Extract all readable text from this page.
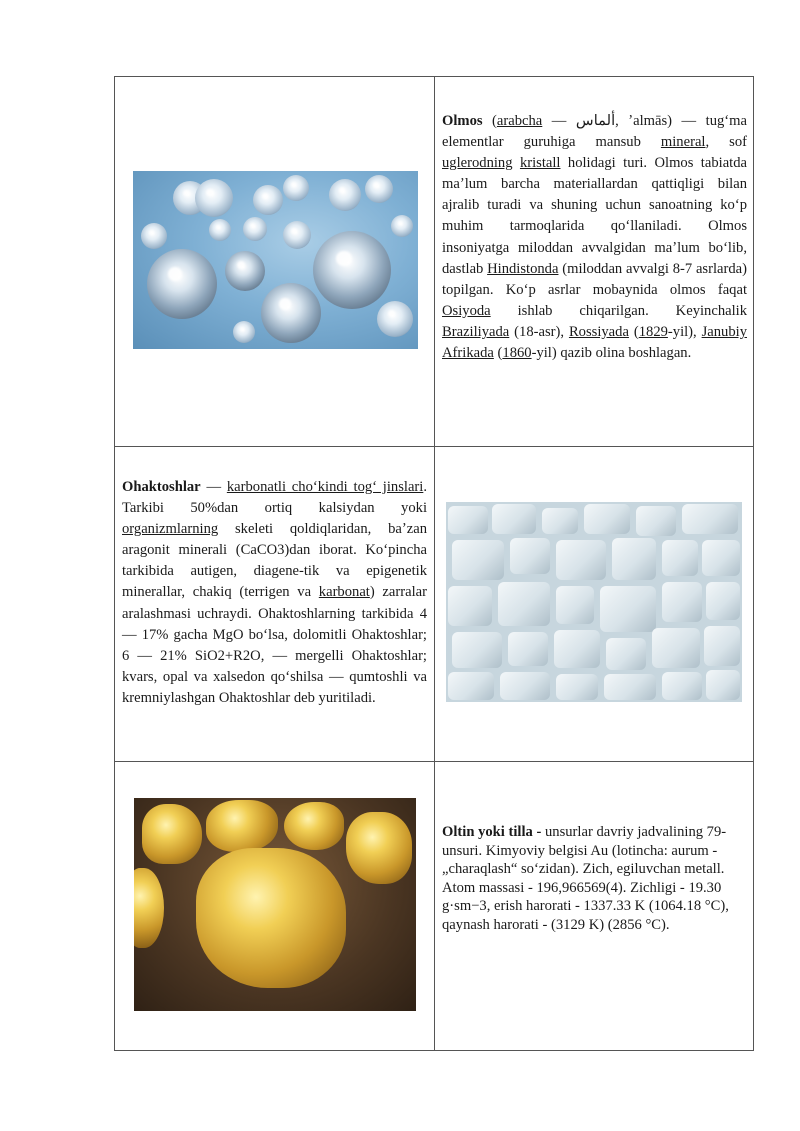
Olmos (arabcha — ألماس, ʼalmās) — tugʻma elementlar guruhiga mansub mineral, sof uglerodning kristall holidagi turi. Olmos tabiatda maʼlum barcha materiallardan qattiqligi bilan ajralib turadi va shuning uchun sanoatning koʻp muhim tarmoqlarida qoʻllaniladi. Olmos insoniyatga miloddan avvalgidan maʼlum boʻlib, dastlab Hindistonda (miloddan avvalgi 8-7 asrlarda) topilgan. Koʻp asrlar mobaynida olmos faqat Osiyoda ishlab chiqarilgan. Keyinchalik Braziliyada (18-asr), Rossiyada (1829-yil), Janubiy Afrikada (1860-yil) qazib olina boshlagan.
Ohaktoshlar — karbonatli choʻkindi togʻ jinslari. Tarkibi 50%dan ortiq kalsiydan yoki organizmlarning skeleti qoldiqlaridan, baʼzan aragonit minerali (CaCO3)dan iborat. Koʻpincha tarkibida autigen, diagene-tik va epigenetik minerallar, chakiq (terrigen va karbonat) zarralar aralashmasi uchraydi. Ohaktoshlarning tarkibida 4— 17% gacha MgO boʻlsa, dolomitli Ohaktoshlar; 6 — 21% SiO2+R2O, — mergelli Ohaktoshlar; kvars, opal va xalsedon qoʻshilsa — qumtoshli va kremniylashgan Ohaktoshlar deb yuritiladi.
Oltin yoki tilla - unsurlar davriy jadvalining 79-unsuri. Kimyoviy belgisi Au (lotincha: aurum - „charaqlash“ soʻzidan). Zich, egiluvchan metall. Atom massasi - 196,966569(4). Zichligi - 19.30 g·sm−3, erish harorati - 1337.33 K (1064.18 °C), qaynash harorati - (3129 K) (2856 °C).
